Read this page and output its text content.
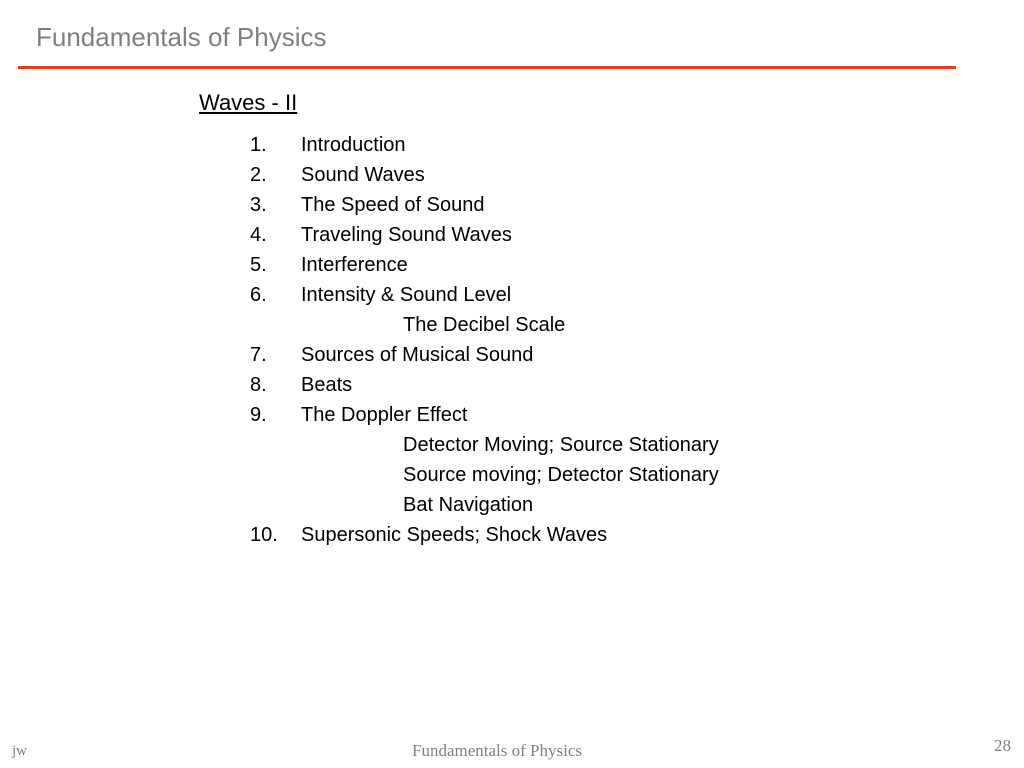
Fundamentals of Physics
Waves - II
1. Introduction
2. Sound Waves
3. The Speed of Sound
4. Traveling Sound Waves
5. Interference
6. Intensity & Sound Level
The Decibel Scale
7. Sources of Musical Sound
8. Beats
9. The Doppler Effect
Detector Moving; Source Stationary
Source moving; Detector Stationary
Bat Navigation
10. Supersonic Speeds; Shock Waves
jw	Fundamentals of Physics	28
